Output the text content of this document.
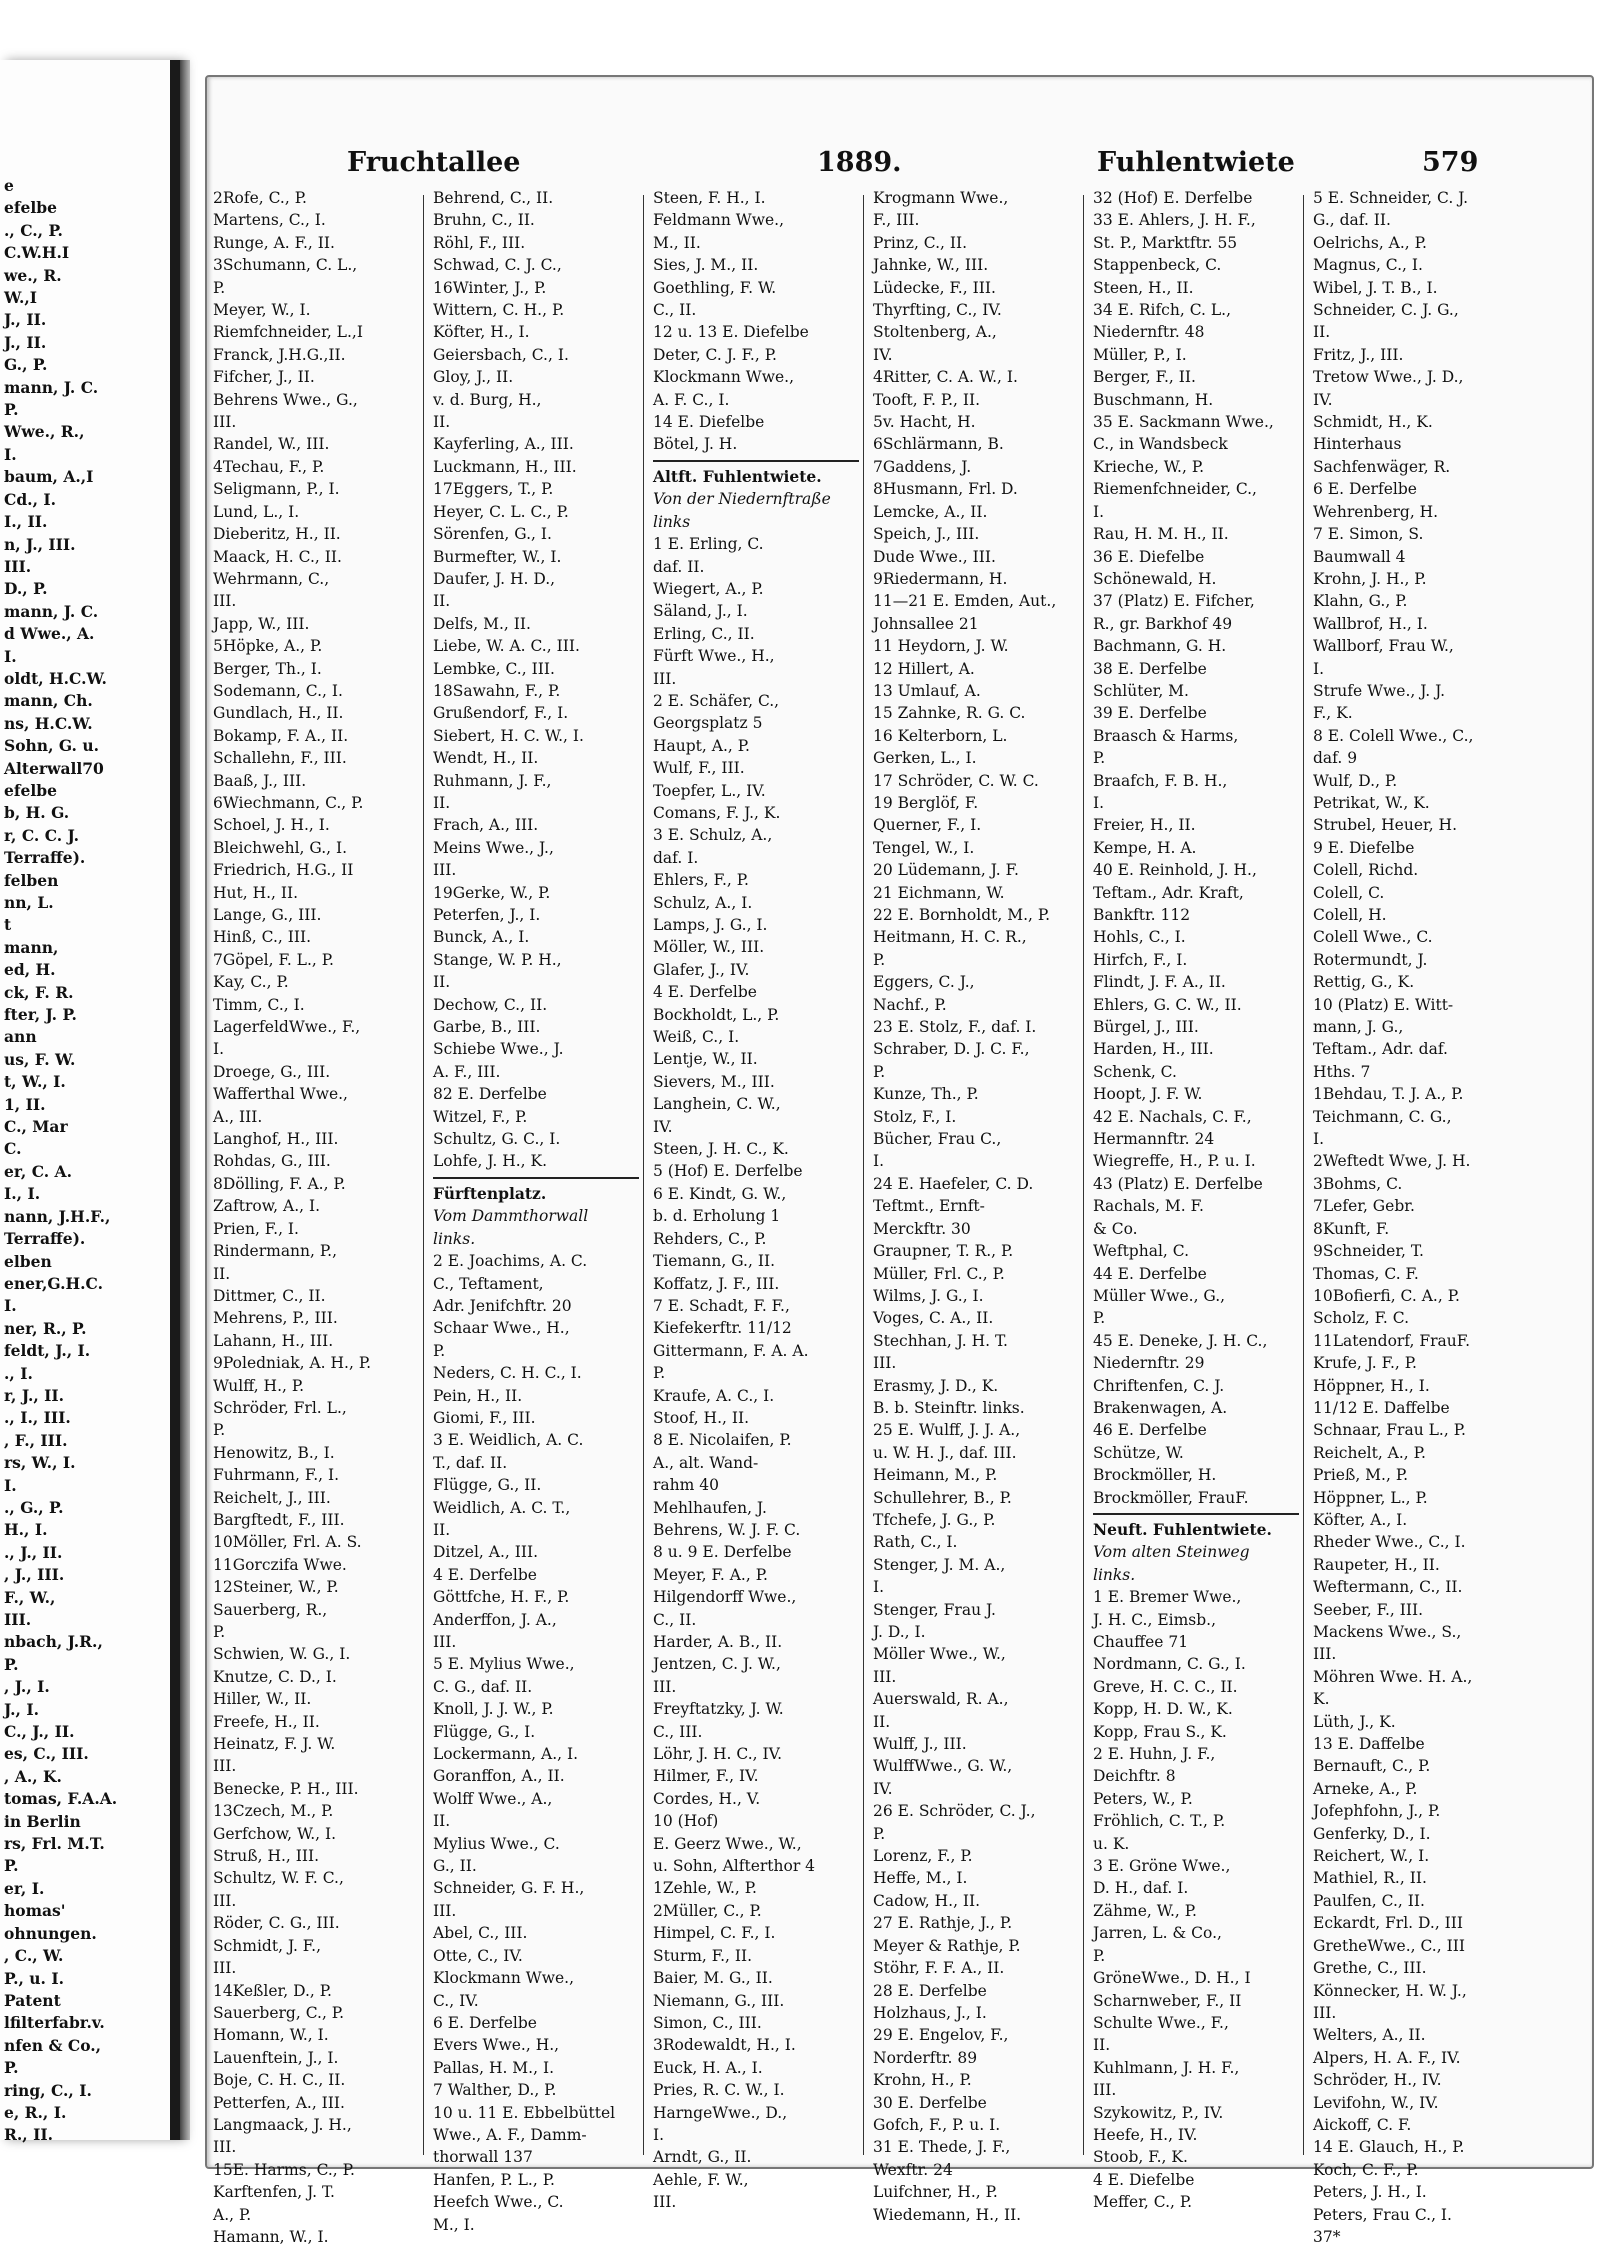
e
efelbe
., C., P.
C.W.H.I
we., R.
W.,I
J., II.
J., II.
G., P.
mann, J. C.
P.
Wwe., R.,
I.
baum, A.,I
Cd., I.
I., II.
n, J., III.
III.
D., P.
mann, J. C.
d Wwe., A.
I.
oldt, H.C.W.
mann, Ch.
ns, H.C.W.
Sohn, G. u.
Alterwall70
efelbe
b, H. G.
r, C. C. J.
Terraffe).
felben
nn, L.
t
mann,
ed, H.
ck, F. R.
fter, J. P.
ann
us, F. W.
t, W., I.
1, II.
C., Mar
C.
er, C. A.
I., I.
nann, J.H.F.,
Terraffe).
elben
ener,G.H.C.
I.
ner, R., P.
feldt, J., I.
., I.
r, J., II.
., I., III.
, F., III.
rs, W., I.
I.
., G., P.
H., I.
., J., II.
, J., III.
F., W.,
III.
nbach, J.R.,
P.
, J., I.
J., I.
C., J., II.
es, C., III.
, A., K.
tomas, F.A.A.
in Berlin
rs, Frl. M.T.
P.
er, I.
homas'
ohnungen.
, C., W.
P., u. I.
Patent
lfilterfabr.v.
nfen & Co.,
P.
ring, C., I.
e, R., I.
R., II.
Fruchtallee	1889.	Fuhlentwiete	579
2Rofe, C., P.
Martens, C., I.
Runge, A. F., II.
3Schumann, C. L.,
P.
Meyer, W., I.
Riemfchneider, L.,I
Franck, J.H.G.,II.
Fifcher, J., II.
Behrens Wwe., G.,
III.
Randel, W., III.
4Techau, F., P.
Seligmann, P., I.
Lund, L., I.
Dieberitz, H., II.
Maack, H. C., II.
Wehrmann, C.,
III.
Japp, W., III.
5Höpke, A., P.
Berger, Th., I.
Sodemann, C., I.
Gundlach, H., II.
Bokamp, F. A., II.
Schallehn, F., III.
Baaß, J., III.
6Wiechmann, C., P.
Schoel, J. H., I.
Bleichwehl, G., I.
Friedrich, H.G., II
Hut, H., II.
Lange, G., III.
Hinß, C., III.
7Göpel, F. L., P.
Kay, C., P.
Timm, C., I.
LagerfeldWwe., F.,
I.
Droege, G., III.
Wafferthal Wwe.,
A., III.
Langhof, H., III.
Rohdas, G., III.
8Dölling, F. A., P.
Zaftrow, A., I.
Prien, F., I.
Rindermann, P.,
II.
Dittmer, C., II.
Mehrens, P., III.
Lahann, H., III.
9Poledniak, A. H., P.
Wulff, H., P.
Schröder, Frl. L.,
P.
Henowitz, B., I.
Fuhrmann, F., I.
Reichelt, J., III.
Bargftedt, F., III.
10Möller, Frl. A. S.
11Gorczifa Wwe.
12Steiner, W., P.
Sauerberg, R.,
P.
Schwien, W. G., I.
Knutze, C. D., I.
Hiller, W., II.
Freefe, H., II.
Heinatz, F. J. W.
III.
Benecke, P. H., III.
13Czech, M., P.
Gerfchow, W., I.
Struß, H., III.
Schultz, W. F. C.,
III.
Röder, C. G., III.
Schmidt, J. F.,
III.
14Keßler, D., P.
Sauerberg, C., P.
Homann, W., I.
Lauenftein, J., I.
Boje, C. H. C., II.
Petterfen, A., III.
Langmaack, J. H.,
III.
15E. Harms, C., P.
Karftenfen, J. T.
A., P.
Hamann, W., I.
Behrend, C., II.
Bruhn, C., II.
Röhl, F., III.
Schwad, C. J. C.,
16Winter, J., P.
Wittern, C. H., P.
Köfter, H., I.
Geiersbach, C., I.
Gloy, J., II.
v. d. Burg, H.,
II.
Kayferling, A., III.
Luckmann, H., III.
17Eggers, T., P.
Heyer, C. L. C., P.
Sörenfen, G., I.
Burmefter, W., I.
Daufer, J. H. D.,
II.
Delfs, M., II.
Liebe, W. A. C., III.
Lembke, C., III.
18Sawahn, F., P.
Grußendorf, F., I.
Siebert, H. C. W., I.
Wendt, H., II.
Ruhmann, J. F.,
II.
Frach, A., III.
Meins Wwe., J.,
III.
19Gerke, W., P.
Peterfen, J., I.
Bunck, A., I.
Stange, W. P. H.,
II.
Dechow, C., II.
Garbe, B., III.
Schiebe Wwe., J.
A. F., III.
82 E. Derfelbe
Witzel, F., P.
Schultz, G. C., I.
Lohfe, J. H., K.
Fürftenplatz.
Vom Dammthorwall
links.
2 E. Joachims, A. C.
C., Teftament,
Adr. Jenifchftr. 20
Schaar Wwe., H.,
P.
Neders, C. H. C., I.
Pein, H., II.
Giomi, F., III.
3 E. Weidlich, A. C.
T., daf. II.
Flügge, G., II.
Weidlich, A. C. T.,
II.
Ditzel, A., III.
4 E. Derfelbe
Göttfche, H. F., P.
Anderffon, J. A.,
III.
5 E. Mylius Wwe.,
C. G., daf. II.
Knoll, J. J. W., P.
Flügge, G., I.
Lockermann, A., I.
Goranffon, A., II.
Wolff Wwe., A.,
II.
Mylius Wwe., C.
G., II.
Schneider, G. F. H.,
III.
Abel, C., III.
Otte, C., IV.
Klockmann Wwe.,
C., IV.
6 E. Derfelbe
Evers Wwe., H.,
Pallas, H. M., I.
7 Walther, D., P.
10 u. 11 E. Ebbelbüttel
Wwe., A. F., Damm-
thorwall 137
Hanfen, P. L., P.
Heefch Wwe., C.
M., I.
Steen, F. H., I.
Feldmann Wwe.,
M., II.
Sies, J. M., II.
Goethling, F. W.
C., II.
12 u. 13 E. Diefelbe
Deter, C. J. F., P.
Klockmann Wwe.,
A. F. C., I.
14 E. Diefelbe
Bötel, J. H.
Altft. Fuhlentwiete.
Von der Niedernftraße
links
1 E. Erling, C.
daf. II.
Wiegert, A., P.
Säland, J., I.
Erling, C., II.
Fürft Wwe., H.,
III.
2 E. Schäfer, C.,
Georgsplatz 5
Haupt, A., P.
Wulf, F., III.
Toepfer, L., IV.
Comans, F. J., K.
3 E. Schulz, A.,
daf. I.
Ehlers, F., P.
Schulz, A., I.
Lamps, J. G., I.
Möller, W., III.
Glafer, J., IV.
4 E. Derfelbe
Bockholdt, L., P.
Weiß, C., I.
Lentje, W., II.
Sievers, M., III.
Langhein, C. W.,
IV.
Steen, J. H. C., K.
5 (Hof) E. Derfelbe
6 E. Kindt, G. W.,
b. d. Erholung 1
Rehders, C., P.
Tiemann, G., II.
Koffatz, J. F., III.
7 E. Schadt, F. F.,
Kiefekerftr. 11/12
Gittermann, F. A. A.
P.
Kraufe, A. C., I.
Stoof, H., II.
8 E. Nicolaifen, P.
A., alt. Wand-
rahm 40
Mehlhaufen, J.
Behrens, W. J. F. C.
8 u. 9 E. Derfelbe
Meyer, F. A., P.
Hilgendorff Wwe.,
C., II.
Harder, A. B., II.
Jentzen, C. J. W.,
III.
Freyftatzky, J. W.
C., III.
Löhr, J. H. C., IV.
Hilmer, F., IV.
Cordes, H., V.
10 (Hof)
E. Geerz Wwe., W.,
u. Sohn, Alfterthor 4
1Zehle, W., P.
2Müller, C., P.
Himpel, C. F., I.
Sturm, F., II.
Baier, M. G., II.
Niemann, G., III.
Simon, C., III.
3Rodewaldt, H., I.
Euck, H. A., I.
Pries, R. C. W., I.
HarngeWwe., D.,
I.
Arndt, G., II.
Aehle, F. W.,
III.
Krogmann Wwe.,
F., III.
Prinz, C., II.
Jahnke, W., III.
Lüdecke, F., III.
Thyrfting, C., IV.
Stoltenberg, A.,
IV.
4Ritter, C. A. W., I.
Tooft, F. P., II.
5v. Hacht, H.
6Schlärmann, B.
7Gaddens, J.
8Husmann, Frl. D.
Lemcke, A., II.
Speich, J., III.
Dude Wwe., III.
9Riedermann, H.
11—21 E. Emden, Aut.,
Johnsallee 21
11 Heydorn, J. W.
12 Hillert, A.
13 Umlauf, A.
15 Zahnke, R. G. C.
16 Kelterborn, L.
Gerken, L., I.
17 Schröder, C. W. C.
19 Berglöf, F.
Querner, F., I.
Tengel, W., I.
20 Lüdemann, J. F.
21 Eichmann, W.
22 E. Bornholdt, M., P.
Heitmann, H. C. R.,
P.
Eggers, C. J.,
Nachf., P.
23 E. Stolz, F., daf. I.
Schraber, D. J. C. F.,
P.
Kunze, Th., P.
Stolz, F., I.
Bücher, Frau C.,
I.
24 E. Haefeler, C. D.
Teftmt., Ernft-
Merckftr. 30
Graupner, T. R., P.
Müller, Frl. C., P.
Wilms, J. G., I.
Voges, C. A., II.
Stechhan, J. H. T.
III.
Erasmy, J. D., K.
B. b. Steinftr. links.
25 E. Wulff, J. J. A.,
u. W. H. J., daf. III.
Heimann, M., P.
Schullehrer, B., P.
Tfchefe, J. G., P.
Rath, C., I.
Stenger, J. M. A.,
I.
Stenger, Frau J.
J. D., I.
Möller Wwe., W.,
III.
Auerswald, R. A.,
II.
Wulff, J., III.
WulffWwe., G. W.,
IV.
26 E. Schröder, C. J.,
P.
Lorenz, F., P.
Heffe, M., I.
Cadow, H., II.
27 E. Rathje, J., P.
Meyer & Rathje, P.
Stöhr, F. F. A., II.
28 E. Derfelbe
Holzhaus, J., I.
29 E. Engelov, F.,
Norderftr. 89
Krohn, H., P.
30 E. Derfelbe
Gofch, F., P. u. I.
31 E. Thede, J. F.,
Wexftr. 24
Luifchner, H., P.
Wiedemann, H., II.
32 (Hof) E. Derfelbe
33 E. Ahlers, J. H. F.,
St. P., Marktftr. 55
Stappenbeck, C.
Steen, H., II.
34 E. Rifch, C. L.,
Niedernftr. 48
Müller, P., I.
Berger, F., II.
Buschmann, H.
35 E. Sackmann Wwe.,
C., in Wandsbeck
Krieche, W., P.
Riemenfchneider, C.,
I.
Rau, H. M. H., II.
36 E. Diefelbe
Schönewald, H.
37 (Platz) E. Fifcher,
R., gr. Barkhof 49
Bachmann, G. H.
38 E. Derfelbe
Schlüter, M.
39 E. Derfelbe
Braasch & Harms,
P.
Braafch, F. B. H.,
I.
Freier, H., II.
Kempe, H. A.
40 E. Reinhold, J. H.,
Teftam., Adr. Kraft,
Bankftr. 112
Hohls, C., I.
Hirfch, F., I.
Flindt, J. F. A., II.
Ehlers, G. C. W., II.
Bürgel, J., III.
Harden, H., III.
Schenk, C.
Hoopt, J. F. W.
42 E. Nachals, C. F.,
Hermannftr. 24
Wiegreffe, H., P. u. I.
43 (Platz) E. Derfelbe
Rachals, M. F.
& Co.
Weftphal, C.
44 E. Derfelbe
Müller Wwe., G.,
P.
45 E. Deneke, J. H. C.,
Niedernftr. 29
Chriftenfen, C. J.
Brakenwagen, A.
46 E. Derfelbe
Schütze, W.
Brockmöller, H.
Brockmöller, FrauF.
Neuft. Fuhlentwiete.
Vom alten Steinweg
links.
1 E. Bremer Wwe.,
J. H. C., Eimsb.,
Chauffee 71
Nordmann, C. G., I.
Greve, H. C. C., II.
Kopp, H. D. W., K.
Kopp, Frau S., K.
2 E. Huhn, J. F.,
Deichftr. 8
Peters, W., P.
Fröhlich, C. T., P.
u. K.
3 E. Gröne Wwe.,
D. H., daf. I.
Zähme, W., P.
Jarren, L. & Co.,
P.
GröneWwe., D. H., I
Scharnweber, F., II
Schulte Wwe., F.,
II.
Kuhlmann, J. H. F.,
III.
Szykowitz, P., IV.
Heefe, H., IV.
Stoob, F., K.
4 E. Diefelbe
Meffer, C., P.
5 E. Schneider, C. J.
G., daf. II.
Oelrichs, A., P.
Magnus, C., I.
Wibel, J. T. B., I.
Schneider, C. J. G.,
II.
Fritz, J., III.
Tretow Wwe., J. D.,
IV.
Schmidt, H., K.
Hinterhaus
Sachfenwäger, R.
6 E. Derfelbe
Wehrenberg, H.
7 E. Simon, S.
Baumwall 4
Krohn, J. H., P.
Klahn, G., P.
Wallbrof, H., I.
Wallborf, Frau W.,
I.
Strufe Wwe., J. J.
F., K.
8 E. Colell Wwe., C.,
daf. 9
Wulf, D., P.
Petrikat, W., K.
Strubel, Heuer, H.
9 E. Diefelbe
Colell, Richd.
Colell, C.
Colell, H.
Colell Wwe., C.
Rotermundt, J.
Rettig, G., K.
10 (Platz) E. Witt-
mann, J. G.,
Teftam., Adr. daf.
Hths. 7
1Behdau, T. J. A., P.
Teichmann, C. G.,
I.
2Weftedt Wwe, J. H.
3Bohms, C.
7Lefer, Gebr.
8Kunft, F.
9Schneider, T.
Thomas, C. F.
10Bofierfi, C. A., P.
Scholz, F. C.
11Latendorf, FrauF.
Krufe, J. F., P.
Höppner, H., I.
11/12 E. Daffelbe
Schnaar, Frau L., P.
Reichelt, A., P.
Prieß, M., P.
Höppner, L., P.
Köfter, A., I.
Rheder Wwe., C., I.
Raupeter, H., II.
Weftermann, C., II.
Seeber, F., III.
Mackens Wwe., S.,
III.
Möhren Wwe. H. A.,
K.
Lüth, J., K.
13 E. Daffelbe
Bernauft, C., P.
Arneke, A., P.
Jofephfohn, J., P.
Genferky, D., I.
Reichert, W., I.
Mathiel, R., II.
Paulfen, C., II.
Eckardt, Frl. D., III
GretheWwe., C., III
Grethe, C., III.
Könnecker, H. W. J.,
III.
Welters, A., II.
Alpers, H. A. F., IV.
Schröder, H., IV.
Levifohn, W., IV.
Aickoff, C. F.
14 E. Glauch, H., P.
Koch, C. F., P.
Peters, J. H., I.
Peters, Frau C., I.
37*
